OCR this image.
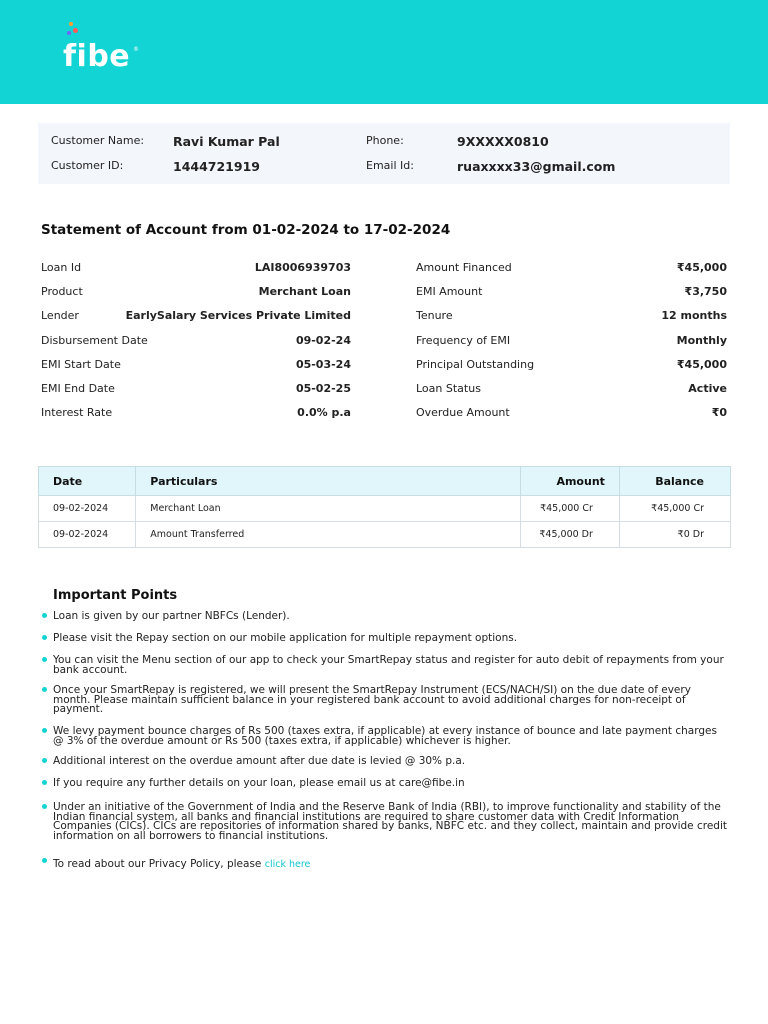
fibe ®
Customer Name: Ravi Kumar Pal
Customer ID:	1444721919
Phone:	9XXXXX0810
Email Id:	ruaxxxx33@gmail.com
Statement of Account from 01-02-2024 to 17-02-2024
Loan Id	LAI8006939703
Product	Merchant Loan
Lender	EarlySalary Services Private Limited
Disbursement Date	09-02-24
EMI Start Date	05-03-24
EMI End Date	05-02-25
Interest Rate	0.0% p.a
Amount Financed	₹45,000
EMI Amount	₹3,750
Tenure	12 months
Frequency of EMI	Monthly
Principal Outstanding	₹45,000
Loan Status	Active
Overdue Amount	₹0
Date	Particulars	Amount	Balance
09-02-2024	Merchant Loan	₹45,000 Cr	₹45,000 Cr
09-02-2024	Amount Transferred	₹45,000 Dr	₹0 Dr
Important Points
Loan is given by our partner NBFCs (Lender).
Please visit the Repay section on our mobile application for multiple repayment options.
You can visit the Menu section of our app to check your SmartRepay status and register for auto debit of repayments from your bank account.
Once your SmartRepay is registered, we will present the SmartRepay Instrument (ECS/NACH/SI) on the due date of every month. Please maintain sufficient balance in your registered bank account to avoid additional charges for non-receipt of payment.
We levy payment bounce charges of Rs 500 (taxes extra, if applicable) at every instance of bounce and late payment charges @ 3% of the overdue amount or Rs 500 (taxes extra, if applicable) whichever is higher.
Additional interest on the overdue amount after due date is levied @ 30% p.a.
If you require any further details on your loan, please email us at care@fibe.in
Under an initiative of the Government of India and the Reserve Bank of India (RBI), to improve functionality and stability of the Indian financial system, all banks and financial institutions are required to share customer data with Credit Information Companies (CICs). CICs are repositories of information shared by banks, NBFC etc. and they collect, maintain and provide credit information on all borrowers to financial institutions.
To read about our Privacy Policy, please click here
